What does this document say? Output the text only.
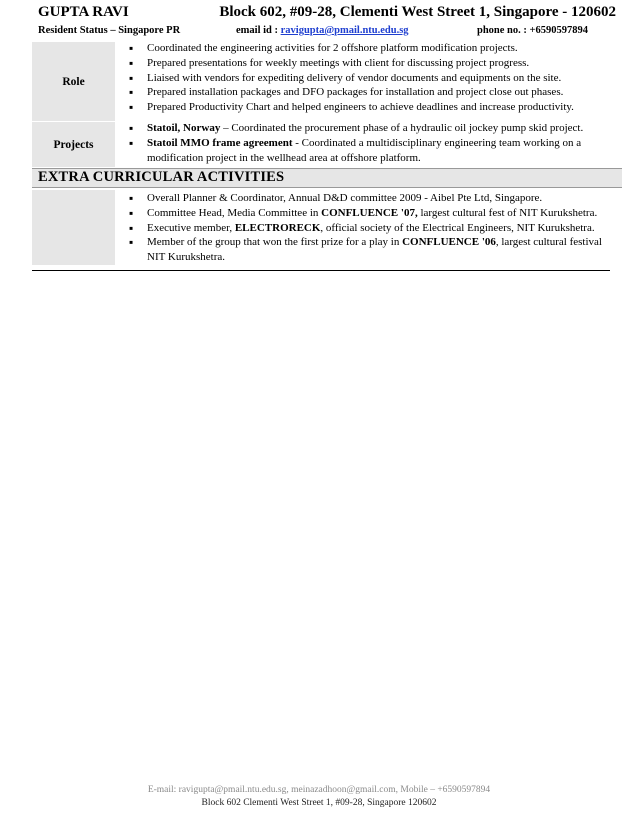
GUPTA RAVI	Block 602, #09-28, Clementi West Street 1, Singapore - 120602
Resident Status – Singapore PR	email id : ravigupta@pmail.ntu.edu.sg	phone no. : +6590597894
Role
▪ Coordinated the engineering activities for 2 offshore platform modification projects.
▪ Prepared presentations for weekly meetings with client for discussing project progress.
▪ Liaised with vendors for expediting delivery of vendor documents and equipments on the site.
▪ Prepared installation packages and DFO packages for installation and project close out phases.
▪ Prepared Productivity Chart and helped engineers to achieve deadlines and increase productivity.
Projects
▪ Statoil, Norway – Coordinated the procurement phase of a hydraulic oil jockey pump skid project.
▪ Statoil MMO frame agreement - Coordinated a multidisciplinary engineering team working on a modification project in the wellhead area at offshore platform.
EXTRA CURRICULAR ACTIVITIES
▪ Overall Planner & Coordinator, Annual D&D committee 2009 - Aibel Pte Ltd, Singapore.
▪ Committee Head, Media Committee in CONFLUENCE '07, largest cultural fest of NIT Kurukshetra.
▪ Executive member, ELECTRORECK, official society of the Electrical Engineers, NIT Kurukshetra.
▪ Member of the group that won the first prize for a play in CONFLUENCE '06, largest cultural festival NIT Kurukshetra.
E-mail: ravigupta@pmail.ntu.edu.sg, meinazadhoon@gmail.com, Mobile – +6590597894
Block 602 Clementi West Street 1, #09-28, Singapore 120602
